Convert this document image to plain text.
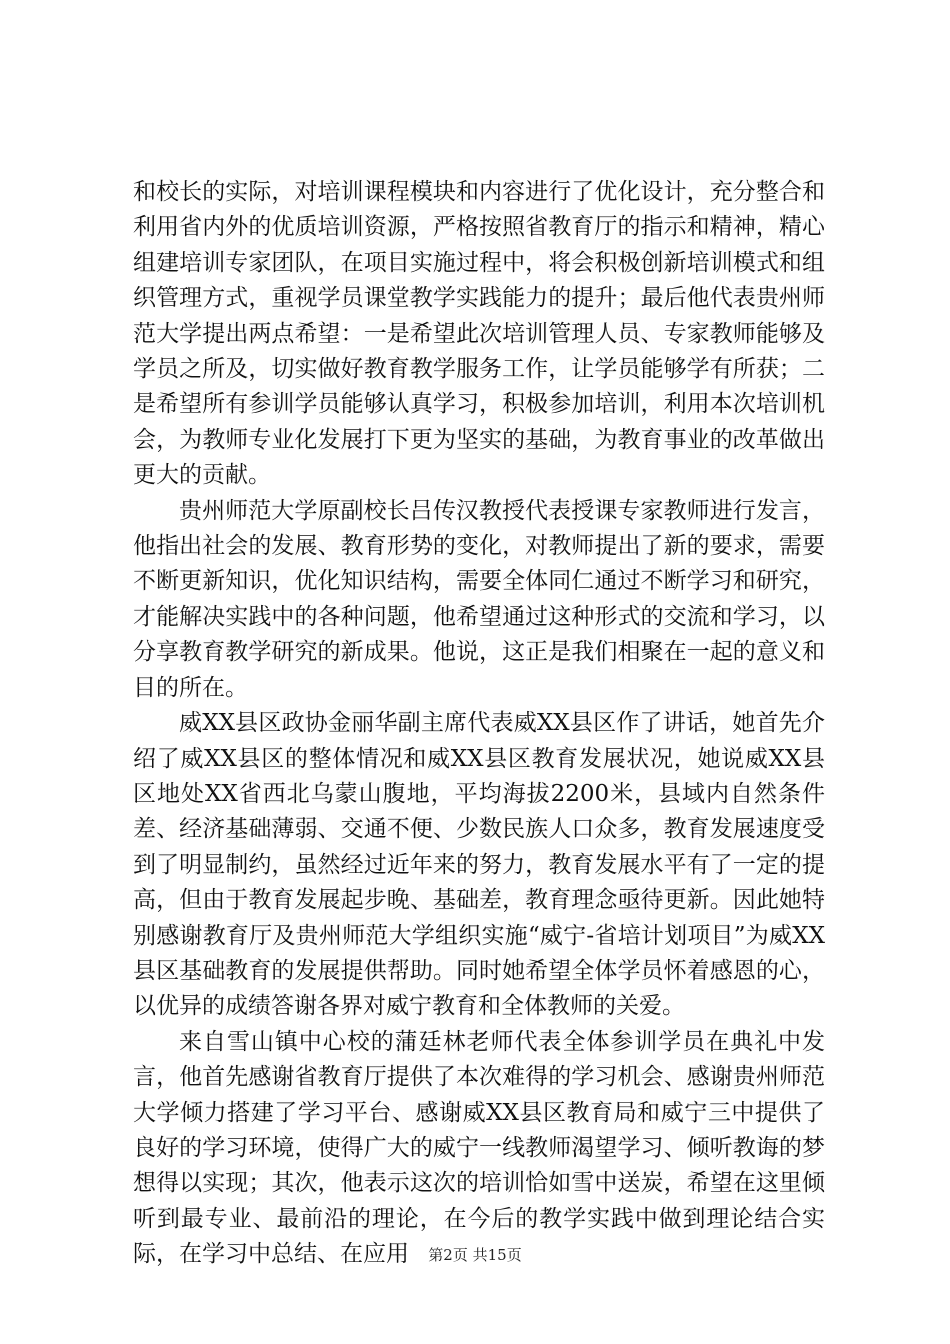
和校长的实际，对培训课程模块和内容进行了优化设计，充分整合和利用省内外的优质培训资源，严格按照省教育厅的指示和精神，精心组建培训专家团队，在项目实施过程中，将会积极创新培训模式和组织管理方式，重视学员课堂教学实践能力的提升；最后他代表贵州师范大学提出两点希望：一是希望此次培训管理人员、专家教师能够及学员之所及，切实做好教育教学服务工作，让学员能够学有所获；二是希望所有参训学员能够认真学习，积极参加培训，利用本次培训机会，为教师专业化发展打下更为坚实的基础，为教育事业的改革做出更大的贡献。

贵州师范大学原副校长吕传汉教授代表授课专家教师进行发言，他指出社会的发展、教育形势的变化，对教师提出了新的要求，需要不断更新知识，优化知识结构，需要全体同仁通过不断学习和研究，才能解决实践中的各种问题，他希望通过这种形式的交流和学习，以分享教育教学研究的新成果。他说，这正是我们相聚在一起的意义和目的所在。

威XX县区政协金丽华副主席代表威XX县区作了讲话，她首先介绍了威XX县区的整体情况和威XX县区教育发展状况，她说威XX县区地处XX省西北乌蒙山腹地，平均海拔2200米，县域内自然条件差、经济基础薄弱、交通不便、少数民族人口众多，教育发展速度受到了明显制约，虽然经过近年来的努力，教育发展水平有了一定的提高，但由于教育发展起步晚、基础差，教育理念亟待更新。因此她特别感谢教育厅及贵州师范大学组织实施“威宁-省培计划项目”为威XX县区基础教育的发展提供帮助。同时她希望全体学员怀着感恩的心，以优异的成绩答谢各界对威宁教育和全体教师的关爱。

来自雪山镇中心校的蒲廷林老师代表全体参训学员在典礼中发言，他首先感谢省教育厅提供了本次难得的学习机会、感谢贵州师范大学倾力搭建了学习平台、感谢威XX县区教育局和威宁三中提供了良好的学习环境，使得广大的威宁一线教师渴望学习、倾听教诲的梦想得以实现；其次，他表示这次的培训恰如雪中送炭，希望在这里倾听到最专业、最前沿的理论，在今后的教学实践中做到理论结合实际，在学习中总结、在应用	第2页 共15页
